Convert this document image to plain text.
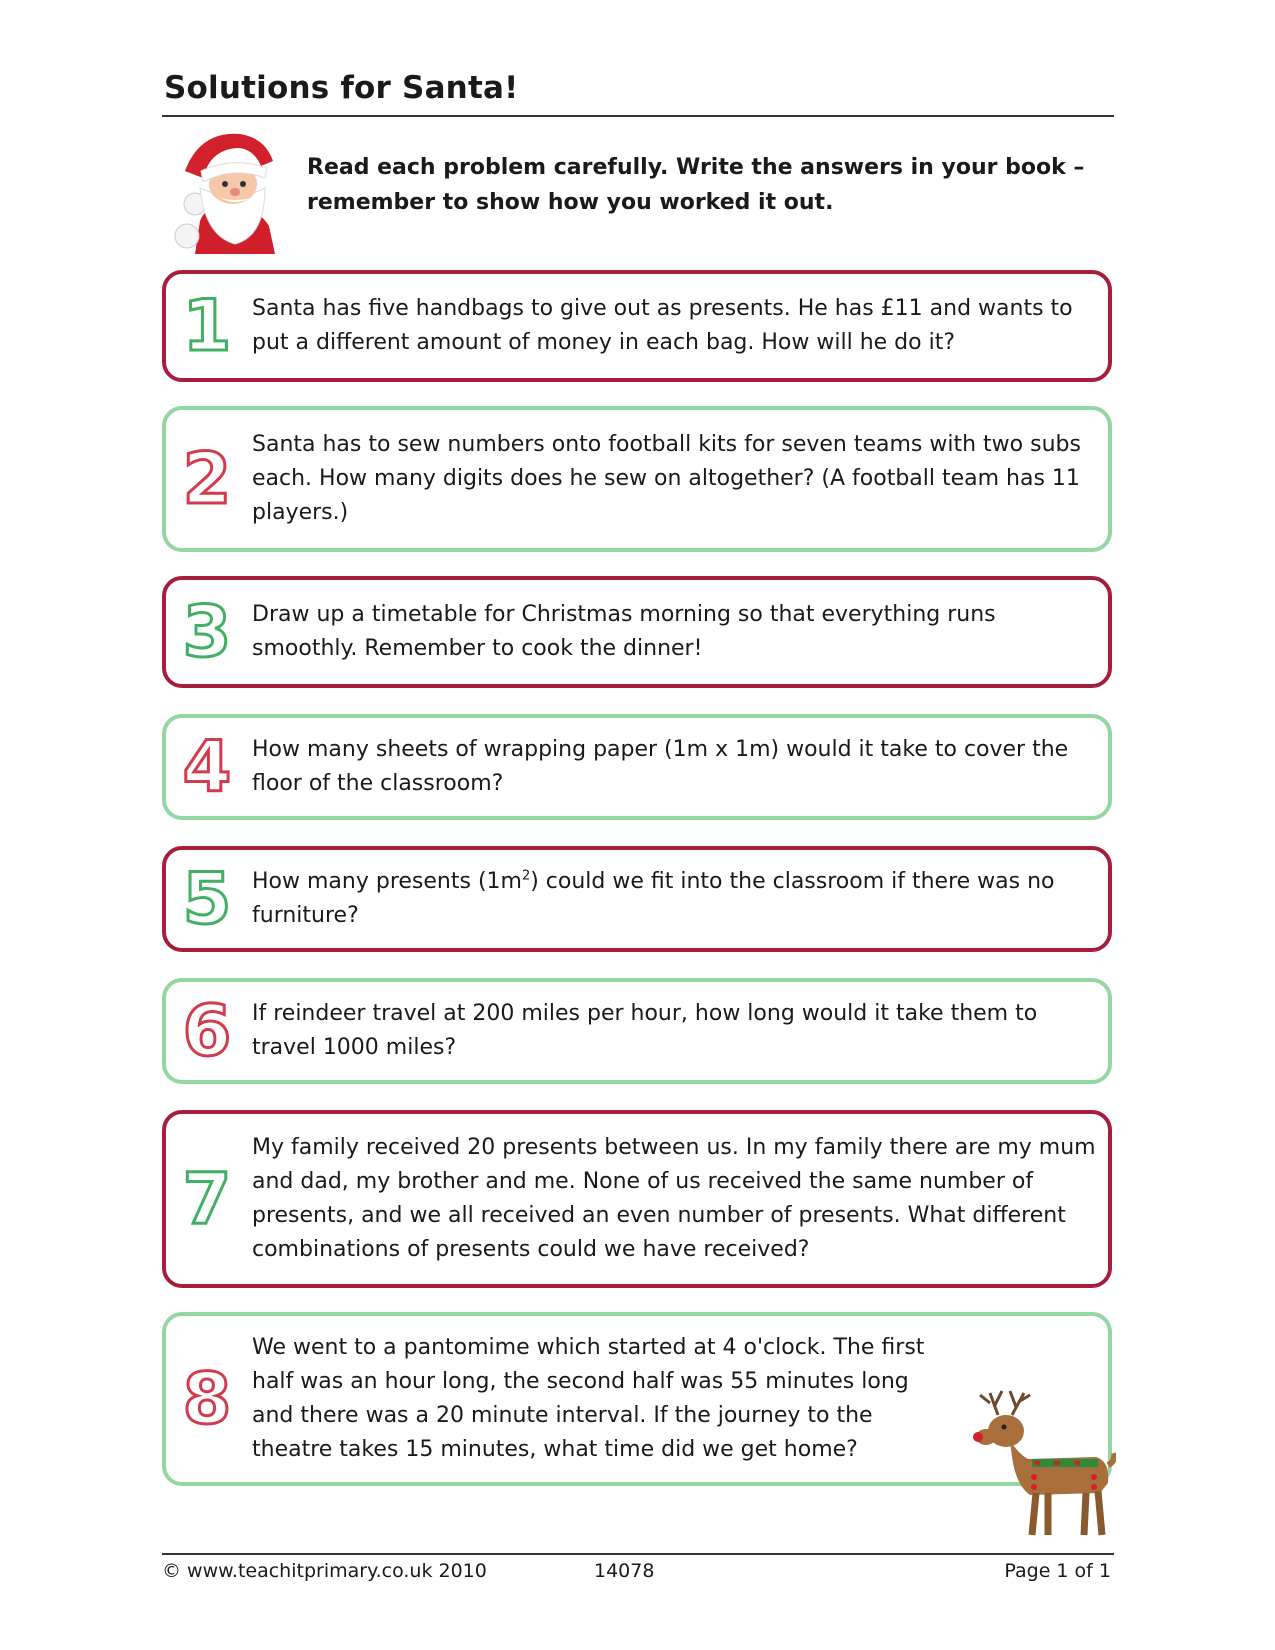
Solutions for Santa!

Read each problem carefully. Write the answers in your book – remember to show how you worked it out.

1 Santa has five handbags to give out as presents. He has £11 and wants to put a different amount of money in each bag. How will he do it?

2 Santa has to sew numbers onto football kits for seven teams with two subs each. How many digits does he sew on altogether? (A football team has 11 players.)

3 Draw up a timetable for Christmas morning so that everything runs smoothly. Remember to cook the dinner!

4 How many sheets of wrapping paper (1m x 1m) would it take to cover the floor of the classroom?

5 How many presents $(1m^2)$ could we fit into the classroom if there was no furniture?

6 If reindeer travel at 200 miles per hour, how long would it take them to travel 1000 miles?

7

My family received 20 presents between us. In my family there are my mum and dad, my brother and me. None of us received the same number of presents, and we all received an even number of presents. What different combinations of presents could we have received?

8

We went to a pantomime which started at 4 o'clock. The first half was an hour long, the second half was 55 minutes long and there was a 20 minute interval. If the journey to the theatre takes 15 minutes, what time did we get home?

© www.teachitprimary.co.uk 2010	14078	Page 1 of 1
